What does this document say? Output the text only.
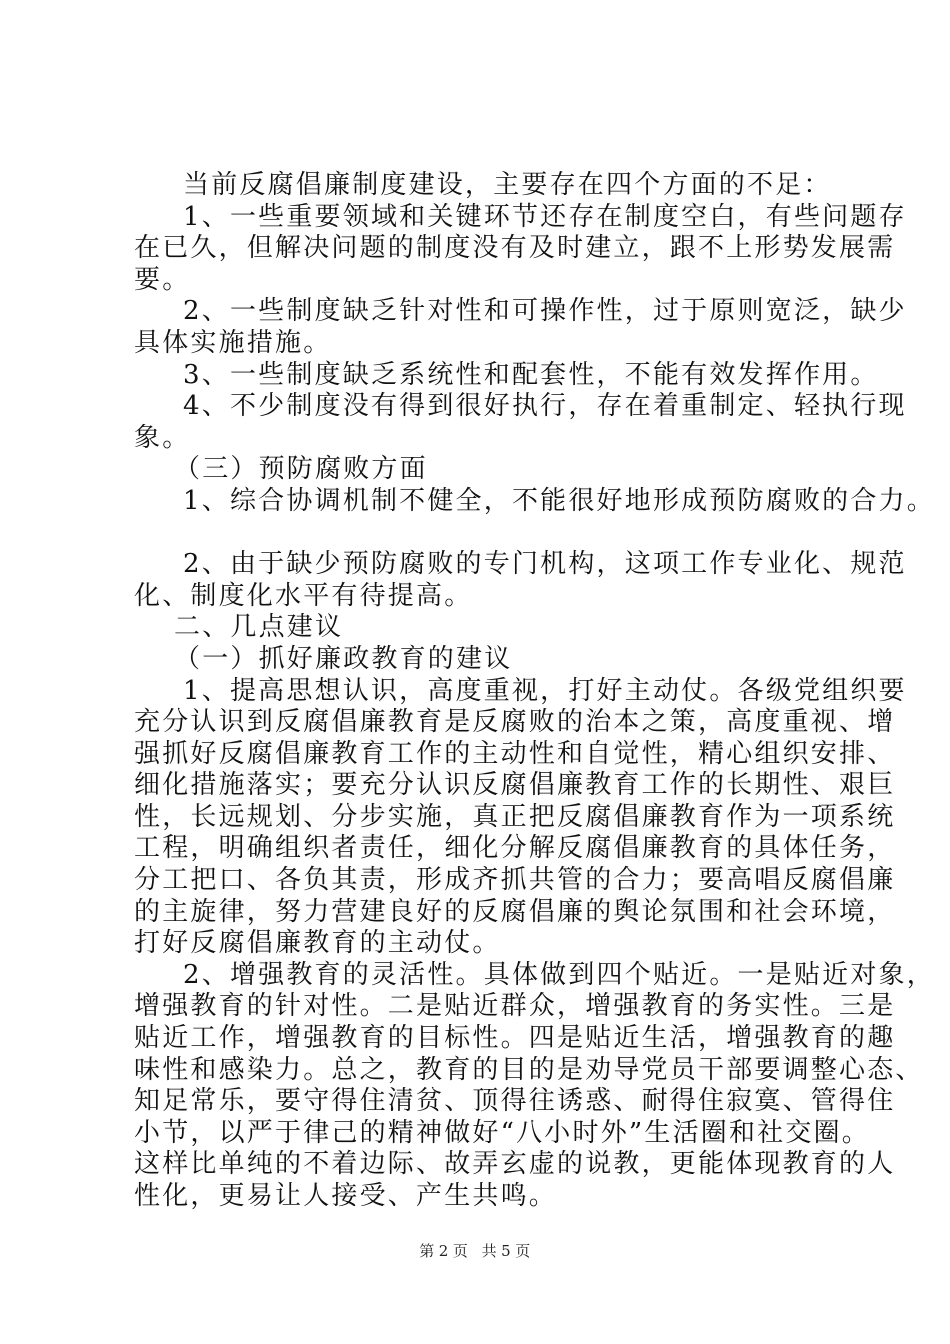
当前反腐倡廉制度建设，主要存在四个方面的不足：
1、一些重要领域和关键环节还存在制度空白，有些问题存
在已久，但解决问题的制度没有及时建立，跟不上形势发展需
要。
2、一些制度缺乏针对性和可操作性，过于原则宽泛，缺少
具体实施措施。
3、一些制度缺乏系统性和配套性，不能有效发挥作用。
4、不少制度没有得到很好执行，存在着重制定、轻执行现
象。
（三）预防腐败方面
1、综合协调机制不健全，不能很好地形成预防腐败的合力。
2、由于缺少预防腐败的专门机构，这项工作专业化、规范
化、制度化水平有待提高。
二、几点建议
（一）抓好廉政教育的建议
1、提高思想认识，高度重视，打好主动仗。各级党组织要
充分认识到反腐倡廉教育是反腐败的治本之策，高度重视、增
强抓好反腐倡廉教育工作的主动性和自觉性，精心组织安排、
细化措施落实；要充分认识反腐倡廉教育工作的长期性、艰巨
性，长远规划、分步实施，真正把反腐倡廉教育作为一项系统
工程，明确组织者责任，细化分解反腐倡廉教育的具体任务，
分工把口、各负其责，形成齐抓共管的合力；要高唱反腐倡廉
的主旋律，努力营建良好的反腐倡廉的舆论氛围和社会环境，
打好反腐倡廉教育的主动仗。
2、增强教育的灵活性。具体做到四个贴近。一是贴近对象，
增强教育的针对性。二是贴近群众，增强教育的务实性。三是
贴近工作，增强教育的目标性。四是贴近生活，增强教育的趣
味性和感染力。总之，教育的目的是劝导党员干部要调整心态、
知足常乐，要守得住清贫、顶得往诱惑、耐得住寂寞、管得住
小节，以严于律己的精神做好“八小时外”生活圈和社交圈。
这样比单纯的不着边际、故弄玄虚的说教，更能体现教育的人
性化，更易让人接受、产生共鸣。
第 2 页 共 5 页
